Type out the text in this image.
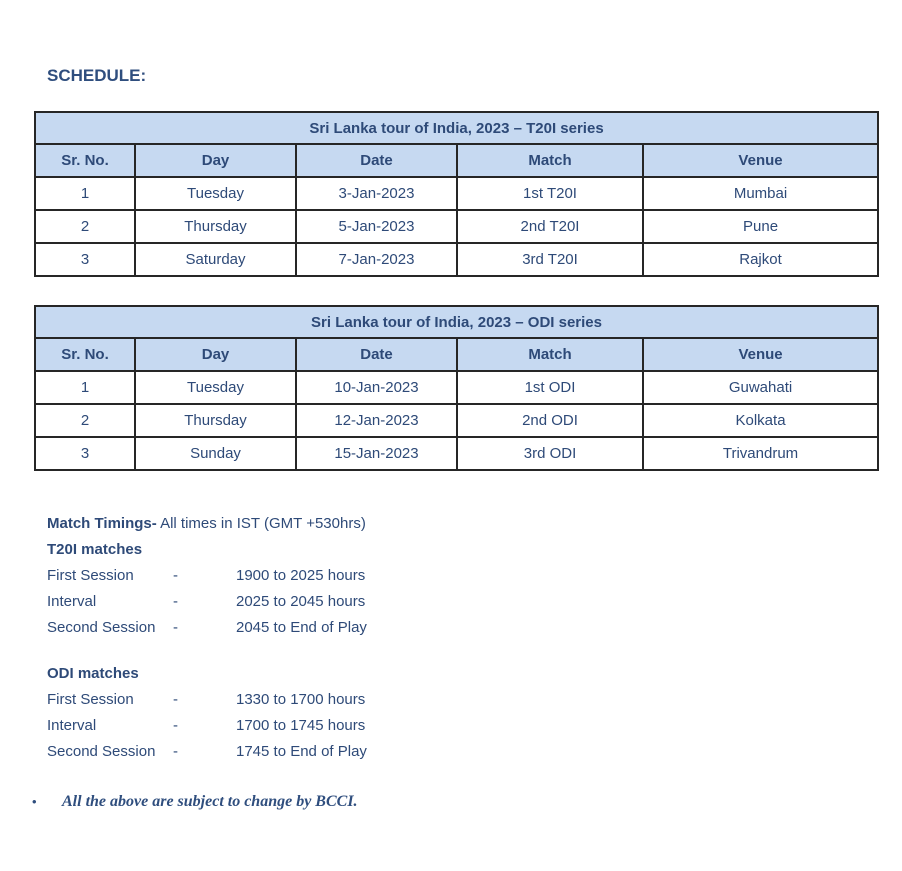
SCHEDULE:
Sri Lanka tour of India, 2023 – T20I series				
Sr. No.	Day	Date	Match	Venue
1	Tuesday	3-Jan-2023	1st T20I	Mumbai
2	Thursday	5-Jan-2023	2nd T20I	Pune
3	Saturday	7-Jan-2023	3rd T20I	Rajkot
Sri Lanka tour of India, 2023 – ODI series				
Sr. No.	Day	Date	Match	Venue
1	Tuesday	10-Jan-2023	1st ODI	Guwahati
2	Thursday	12-Jan-2023	2nd ODI	Kolkata
3	Sunday	15-Jan-2023	3rd ODI	Trivandrum
Match Timings- All times in IST (GMT +530hrs)
T20I matches
First Session	-	1900 to 2025 hours
Interval	-	2025 to 2045 hours
Second Session -	2045 to End of Play
ODI matches
First Session	-	1330 to 1700 hours
Interval	-	1700 to 1745 hours
Second Session -	1745 to End of Play
• All the above are subject to change by BCCI.
